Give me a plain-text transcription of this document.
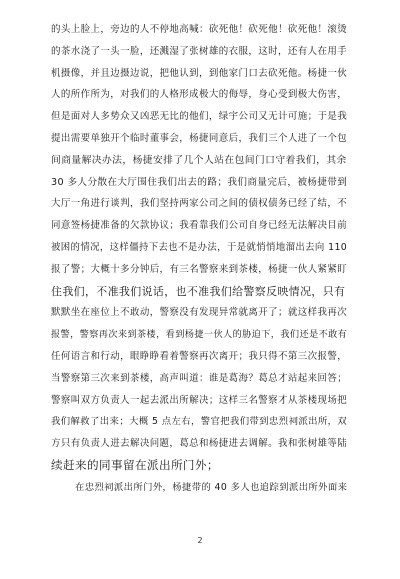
的头上脸上，旁边的人不停地高喊：砍死他！砍死他！砍死他！滚烫
的茶水浇了一头一脸，还溅湿了张树雄的衣服，这时，还有人在用手
机摄像，并且边摄边说，把他认到，到他家门口去砍死他。杨捷一伙
人的所作所为，对我们的人格形成极大的侮辱，身心受到极大伤害，
但是面对人多势众又凶恶无比的他们，绿宇公司又无计可施；于是我
提出需要单独开个临时董事会，杨捷同意后，我们三个人进了一个包
间商量解决办法，杨捷安排了几个人站在包间门口守着我们，其余
30 多人分散在大厅围住我们出去的路；我们商量完后，被杨捷带到
大厅一角进行谈判，我们坚持两家公司之间的债权债务已经了结，不
同意签杨捷准备的欠款协议；我看靠我们公司自身已经无法解决目前
被困的情况，这样僵持下去也不是办法，于是就悄悄地溜出去向 110
报了警；大概十多分钟后，有三名警察来到茶楼，杨捷一伙人紧紧盯
住我们，不准我们说话，也不准我们给警察反映情况，只有
默默坐在座位上不敢动，警察没有发现异常就离开了；就这样我再次
报警，警察再次来到茶楼，看到杨捷一伙人的胁迫下，我们还是不敢有
任何语言和行动，眼睁睁看着警察再次离开；我只得不第三次报警，
当警察第三次来到茶楼，高声叫道：谁是葛海？葛总才站起来回答；
警察叫双方负责人一起去派出所解决；这样三名警察才从茶楼现场把
我们解救了出来；大概 5 点左右，警官把我们带到忠烈祠派出所，双
方只有负责人进去解决问题，葛总和杨捷进去调解。我和张树雄等陆
续赶来的同事留在派出所门外；
在忠烈祠派出所门外，杨捷带的 40 多人也追踪到派出所外面来
2
